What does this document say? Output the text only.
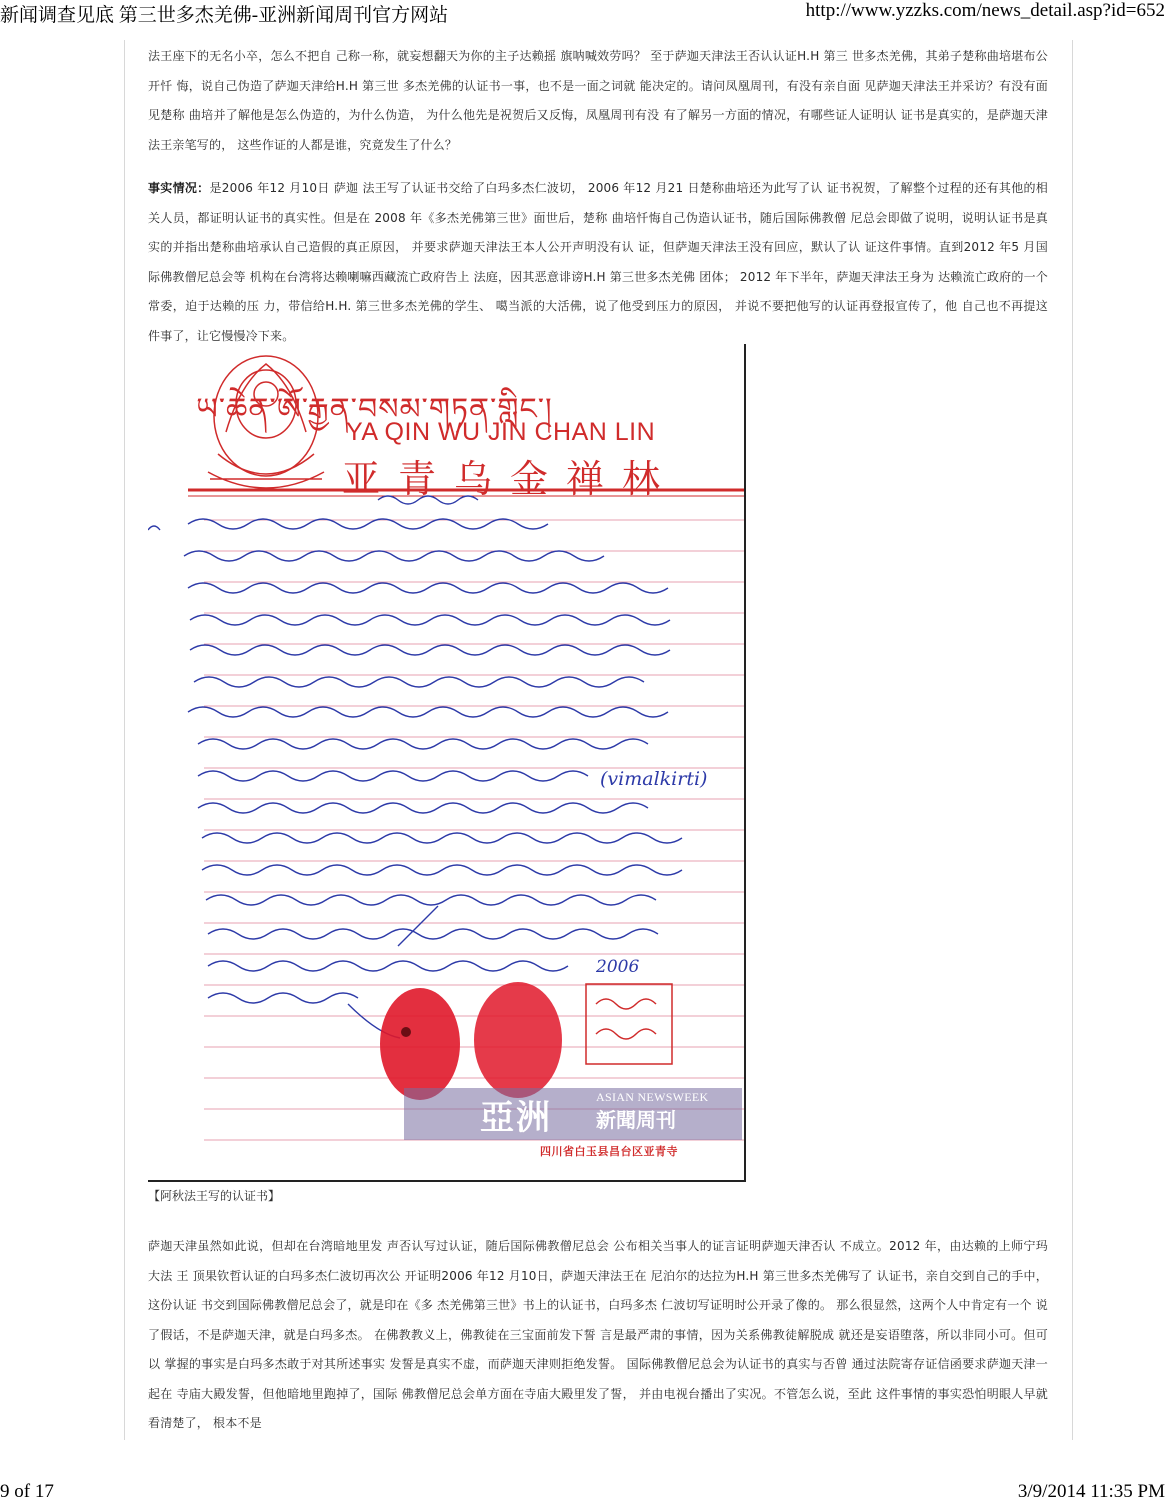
新闻调查见底 第三世多杰羌佛-亚洲新闻周刊官方网站	http://www.yzzks.com/news_detail.asp?id=652
法王座下的无名小卒，怎么不把自 己称一称，就妄想翻天为你的主子达赖摇 旗呐喊效劳吗？ 至于萨迦天津法王否认认证H.H 第三 世多杰羌佛，其弟子楚称曲培堪布公开忏 悔，说自己伪造了萨迦天津给H.H 第三世 多杰羌佛的认证书一事，也不是一面之词就 能决定的。请问凤凰周刊，有没有亲自面 见萨迦天津法王并采访？有没有面见楚称 曲培并了解他是怎么伪造的，为什么伪造， 为什么他先是祝贺后又反悔，凤凰周刊有没 有了解另一方面的情况，有哪些证人证明认 证书是真实的，是萨迦天津法王亲笔写的， 这些作证的人都是谁，究竟发生了什么？
事实情况：是2006 年12 月10日 萨迦 法王写了认证书交给了白玛多杰仁波切， 2006 年12 月21 日楚称曲培还为此写了认 证书祝贺，了解整个过程的还有其他的相 关人员，都证明认证书的真实性。但是在 2008 年《多杰羌佛第三世》面世后，楚称 曲培忏悔自己伪造认证书，随后国际佛教僧 尼总会即做了说明，说明认证书是真实的并指出楚称曲培承认自己造假的真正原因， 并要求萨迦天津法王本人公开声明没有认 证，但萨迦天津法王没有回应，默认了认 证这件事情。直到2012 年5 月国际佛教僧尼总会等 机构在台湾将达赖喇嘛西藏流亡政府告上 法庭，因其恶意诽谤H.H 第三世多杰羌佛 团体； 2012 年下半年，萨迦天津法王身为 达赖流亡政府的一个常委，迫于达赖的压 力，带信给H.H. 第三世多杰羌佛的学生、 噶当派的大活佛，说了他受到压力的原因， 并说不要把他写的认证再登报宣传了，他 自己也不再提这件事了，让它慢慢冷下来。
ཡ་ཆེན་ཨོ་རྒྱན་བསམ་གཏན་གླིང་།
YA QIN WU JIN CHAN LIN
亚青乌金禅林
(vimalkirti)
2006
亞洲
ASIAN NEWSWEEK
新聞周刊
四川省白玉县昌台区亚青寺
【阿秋法王写的认证书】
萨迦天津虽然如此说，但却在台湾暗地里发 声否认写过认证，随后国际佛教僧尼总会 公布相关当事人的证言证明萨迦天津否认 不成立。2012 年，由达赖的上师宁玛大法 王 顶果钦哲认证的白玛多杰仁波切再次公 开证明2006 年12 月10日，萨迦天津法王在 尼泊尔的达拉为H.H 第三世多杰羌佛写了 认证书，亲自交到自己的手中，这份认证 书交到国际佛教僧尼总会了，就是印在《多 杰羌佛第三世》书上的认证书，白玛多杰 仁波切写证明时公开录了像的。 那么很显然，这两个人中肯定有一个 说了假话，不是萨迦天津，就是白玛多杰。 在佛教教义上，佛教徒在三宝面前发下誓 言是最严肃的事情，因为关系佛教徒解脱成 就还是妄语堕落，所以非同小可。但可以 掌握的事实是白玛多杰敢于对其所述事实 发誓是真实不虚，而萨迦天津则拒绝发誓。 国际佛教僧尼总会为认证书的真实与否曾 通过法院寄存证信函要求萨迦天津一起在 寺庙大殿发誓，但他暗地里跑掉了，国际 佛教僧尼总会单方面在寺庙大殿里发了誓， 并由电视台播出了实况。不管怎么说，至此 这件事情的事实恐怕明眼人早就看清楚了， 根本不是
9 of 17	3/9/2014 11:35 PM
